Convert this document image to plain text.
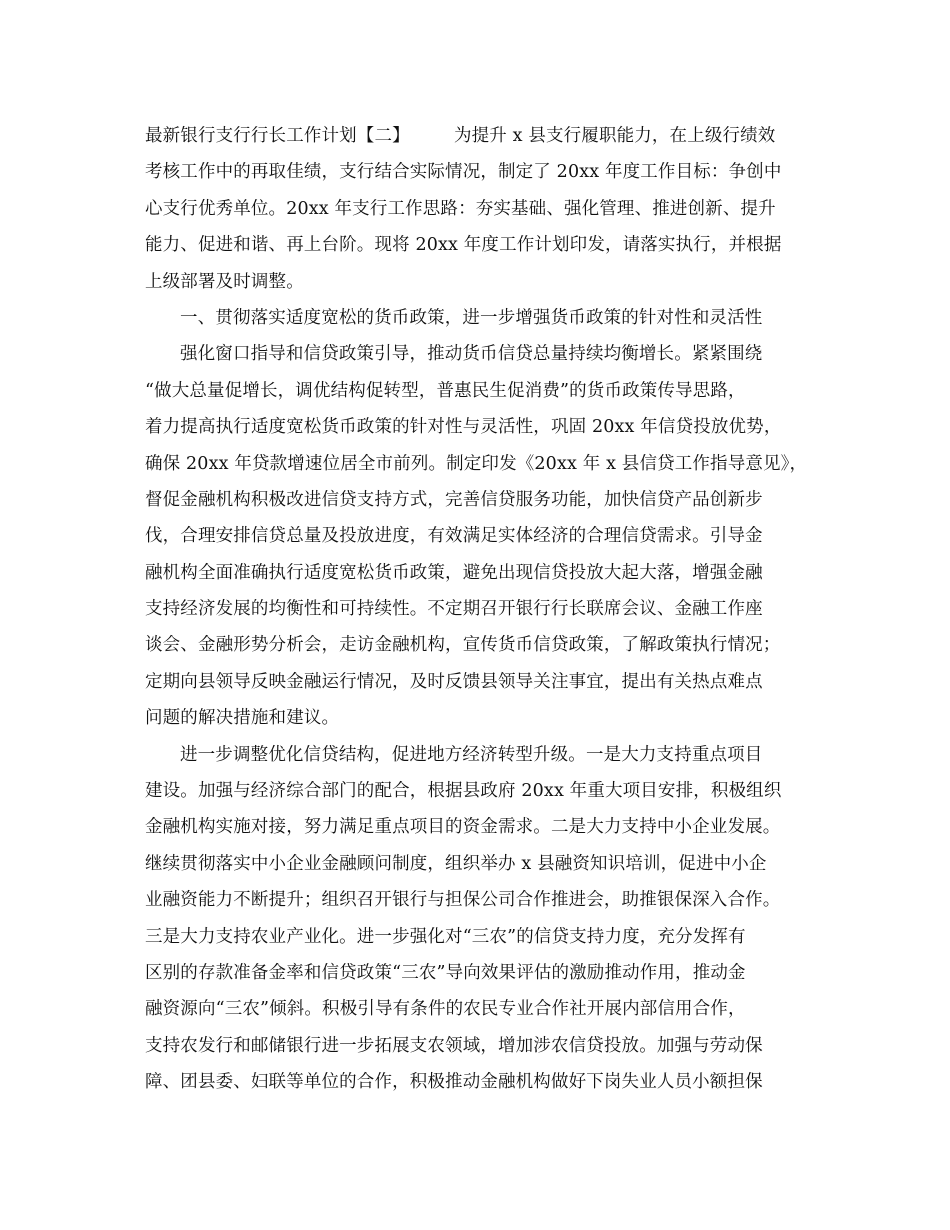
最新银行支行行长工作计划【二】　　　为提升 x 县支行履职能力，在上级行绩效
考核工作中的再取佳绩，支行结合实际情况，制定了 20xx 年度工作目标：争创中
心支行优秀单位。20xx 年支行工作思路：夯实基础、强化管理、推进创新、提升
能力、促进和谐、再上台阶。现将 20xx 年度工作计划印发，请落实执行，并根据
上级部署及时调整。
一、贯彻落实适度宽松的货币政策，进一步增强货币政策的针对性和灵活性
强化窗口指导和信贷政策引导，推动货币信贷总量持续均衡增长。紧紧围绕
“做大总量促增长，调优结构促转型，普惠民生促消费”的货币政策传导思路，
着力提高执行适度宽松货币政策的针对性与灵活性，巩固 20xx 年信贷投放优势，
确保 20xx 年贷款增速位居全市前列。制定印发《20xx 年 x 县信贷工作指导意见》，
督促金融机构积极改进信贷支持方式，完善信贷服务功能，加快信贷产品创新步
伐，合理安排信贷总量及投放进度，有效满足实体经济的合理信贷需求。引导金
融机构全面准确执行适度宽松货币政策，避免出现信贷投放大起大落，增强金融
支持经济发展的均衡性和可持续性。不定期召开银行行长联席会议、金融工作座
谈会、金融形势分析会，走访金融机构，宣传货币信贷政策，了解政策执行情况；
定期向县领导反映金融运行情况，及时反馈县领导关注事宜，提出有关热点难点
问题的解决措施和建议。
进一步调整优化信贷结构，促进地方经济转型升级。一是大力支持重点项目
建设。加强与经济综合部门的配合，根据县政府 20xx 年重大项目安排，积极组织
金融机构实施对接，努力满足重点项目的资金需求。二是大力支持中小企业发展。
继续贯彻落实中小企业金融顾问制度，组织举办 x 县融资知识培训，促进中小企
业融资能力不断提升；组织召开银行与担保公司合作推进会，助推银保深入合作。
三是大力支持农业产业化。进一步强化对“三农”的信贷支持力度，充分发挥有
区别的存款准备金率和信贷政策“三农”导向效果评估的激励推动作用，推动金
融资源向“三农”倾斜。积极引导有条件的农民专业合作社开展内部信用合作，
支持农发行和邮储银行进一步拓展支农领域，增加涉农信贷投放。加强与劳动保
障、团县委、妇联等单位的合作，积极推动金融机构做好下岗失业人员小额担保
